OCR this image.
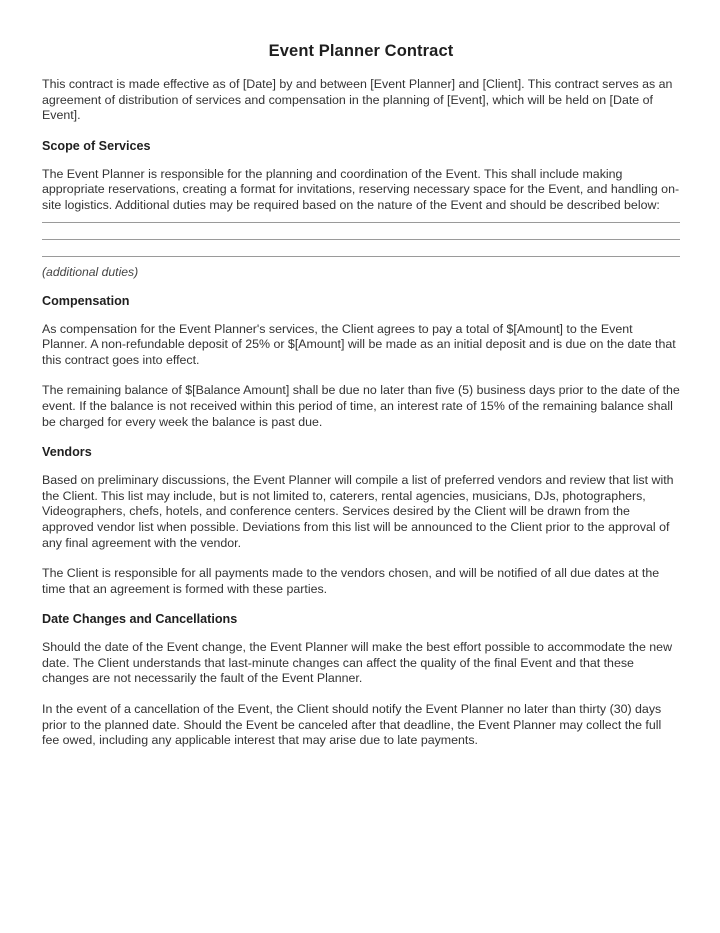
Event Planner Contract

This contract is made effective as of [Date] by and between [Event Planner] and [Client]. This contract serves as an agreement of distribution of services and compensation in the planning of [Event], which will be held on [Date of Event].

Scope of Services

The Event Planner is responsible for the planning and coordination of the Event. This shall include making appropriate reservations, creating a format for invitations, reserving necessary space for the Event, and handling on-site logistics. Additional duties may be required based on the nature of the Event and should be described below:

(additional duties)
Compensation

As compensation for the Event Planner's services, the Client agrees to pay a total of $[Amount] to the Event Planner. A non-refundable deposit of 25% or $[Amount] will be made as an initial deposit and is due on the date that this contract goes into effect.

The remaining balance of $[Balance Amount] shall be due no later than five (5) business days prior to the date of the event. If the balance is not received within this period of time, an interest rate of 15% of the remaining balance shall be charged for every week the balance is past due.

Vendors

Based on preliminary discussions, the Event Planner will compile a list of preferred vendors and review that list with the Client. This list may include, but is not limited to, caterers, rental agencies, musicians, DJs, photographers, Videographers, chefs, hotels, and conference centers. Services desired by the Client will be drawn from the approved vendor list when possible. Deviations from this list will be announced to the Client prior to the approval of any final agreement with the vendor.

The Client is responsible for all payments made to the vendors chosen, and will be notified of all due dates at the time that an agreement is formed with these parties.

Date Changes and Cancellations

Should the date of the Event change, the Event Planner will make the best effort possible to accommodate the new date. The Client understands that last-minute changes can affect the quality of the final Event and that these changes are not necessarily the fault of the Event Planner.

In the event of a cancellation of the Event, the Client should notify the Event Planner no later than thirty (30) days prior to the planned date. Should the Event be canceled after that deadline, the Event Planner may collect the full fee owed, including any applicable interest that may arise due to late payments.
